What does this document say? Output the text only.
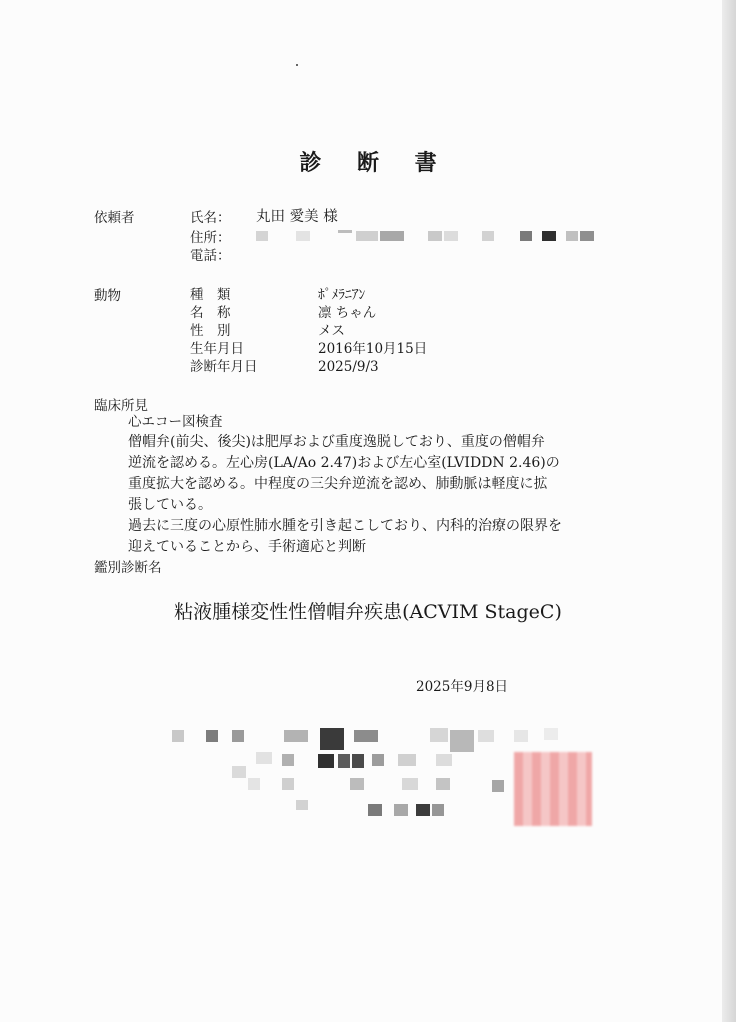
診 断 書
依頼者	氏名： 丸田 愛美 様
住所：
電話：
動物	種　類	ﾎﾟﾒﾗﾆｱﾝ
名　称	凛 ちゃん
性　別	メス
生年月日	2016年10月15日
診断年月日	2025/9/3
臨床所見
心エコー図検査

僧帽弁(前尖、後尖)は肥厚および重度逸脱しており、重度の僧帽弁

逆流を認める。左心房(LA/Ao 2.47)および左心室(LVIDDN 2.46)の

重度拡大を認める。中程度の三尖弁逆流を認め、肺動脈は軽度に拡

張している。

過去に三度の心原性肺水腫を引き起こしており、内科的治療の限界を

迎えていることから、手術適応と判断

鑑別診断名
粘液腫様変性性僧帽弁疾患(ACVIM StageC)
2025年9月8日
